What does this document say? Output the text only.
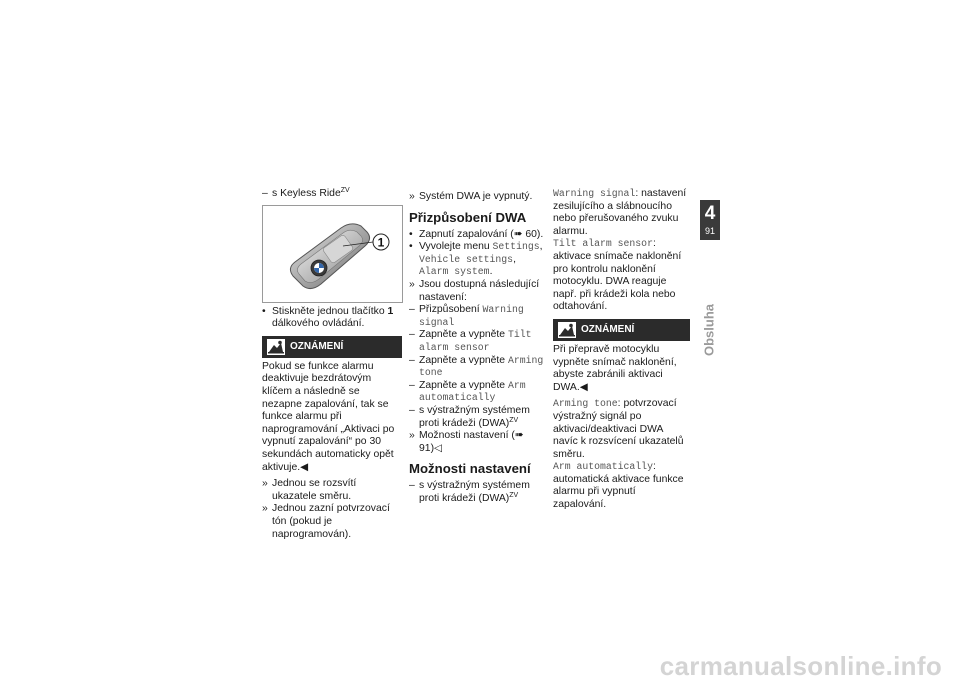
– s Keyless Ride$^{ZV}$

1

• Stiskněte jednou tlačítko 1 dálkového ovládání.

OZNÁMENÍ

Pokud se funkce alarmu deaktivuje bezdrátovým klíčem a následně se nezapne zapalování, tak se funkce alarmu při naprogramování „Aktivaci po vypnutí zapalování“ po 30 sekundách automaticky opět aktivuje.◀

» Jednou se rozsvítí ukazatele směru.

» Jednou zazní potvrzovací tón (pokud je naprogramován).

» Systém DWA je vypnutý.

Přizpůsobení DWA

• Zapnutí zapalování (➠ 60).

• Vyvolejte menu Settings, Vehicle settings, Alarm system.

» Jsou dostupná následující nastavení:

– Přizpůsobení Warning signal

– Zapněte a vypněte Tilt alarm sensor

– Zapněte a vypněte Arming tone

– Zapněte a vypněte Arm automatically

– s výstražným systémem proti krádeži (DWA)$^{ZV}$

» Možnosti nastavení (➠ 91)◁

Možnosti nastavení

– s výstražným systémem proti krádeži (DWA)$^{ZV}$

Warning signal: nastavení zesilujícího a slábnoucího nebo přerušovaného zvuku alarmu.

Tilt alarm sensor: aktivace snímače naklonění pro kontrolu naklonění motocyklu. DWA reaguje např. při krádeži kola nebo odtahování.

OZNÁMENÍ

Při přepravě motocyklu vypněte snímač naklonění, abyste zabránili aktivaci DWA.◀

Arming tone: potvrzovací výstražný signál po aktivaci/deaktivaci DWA navíc k rozsvícení ukazatelů směru.

Arm automatically: automatická aktivace funkce alarmu při vypnutí zapalování.

4
91
Obsluha
carmanualsonline.info
